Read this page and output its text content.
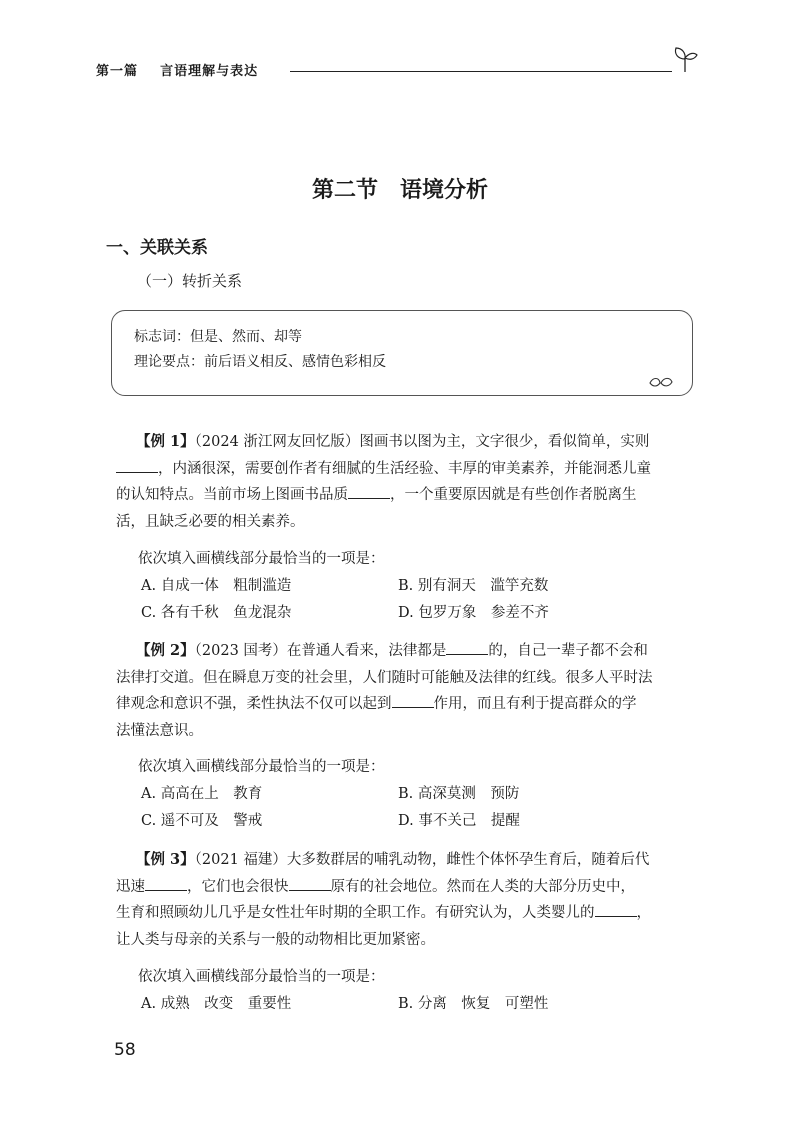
第一篇 言语理解与表达
第二节　语境分析
一、关联关系
（一）转折关系
标志词：但是、然而、却等
理论要点：前后语义相反、感情色彩相反
【例 1】（2024 浙江网友回忆版）图画书以图为主，文字很少，看似简单，实则
，内涵很深，需要创作者有细腻的生活经验、丰厚的审美素养，并能洞悉儿童
的认知特点。当前市场上图画书品质	，一个重要原因就是有些创作者脱离生
活，且缺乏必要的相关素养。
依次填入画横线部分最恰当的一项是：
A. 自成一体　粗制滥造	B. 别有洞天　滥竽充数
C. 各有千秋　鱼龙混杂	D. 包罗万象　参差不齐
【例 2】（2023 国考）在普通人看来，法律都是	的，自己一辈子都不会和
法律打交道。但在瞬息万变的社会里，人们随时可能触及法律的红线。很多人平时法
律观念和意识不强，柔性执法不仅可以起到	作用，而且有利于提高群众的学
法懂法意识。
依次填入画横线部分最恰当的一项是：
A. 高高在上　教育	B. 高深莫测　预防
C. 遥不可及　警戒	D. 事不关己　提醒
【例 3】（2021 福建）大多数群居的哺乳动物，雌性个体怀孕生育后，随着后代
迅速	，它们也会很快	原有的社会地位。然而在人类的大部分历史中，
生育和照顾幼儿几乎是女性壮年时期的全职工作。有研究认为，人类婴儿的	，
让人类与母亲的关系与一般的动物相比更加紧密。
依次填入画横线部分最恰当的一项是：
A. 成熟　改变　重要性	B. 分离　恢复　可塑性
58
